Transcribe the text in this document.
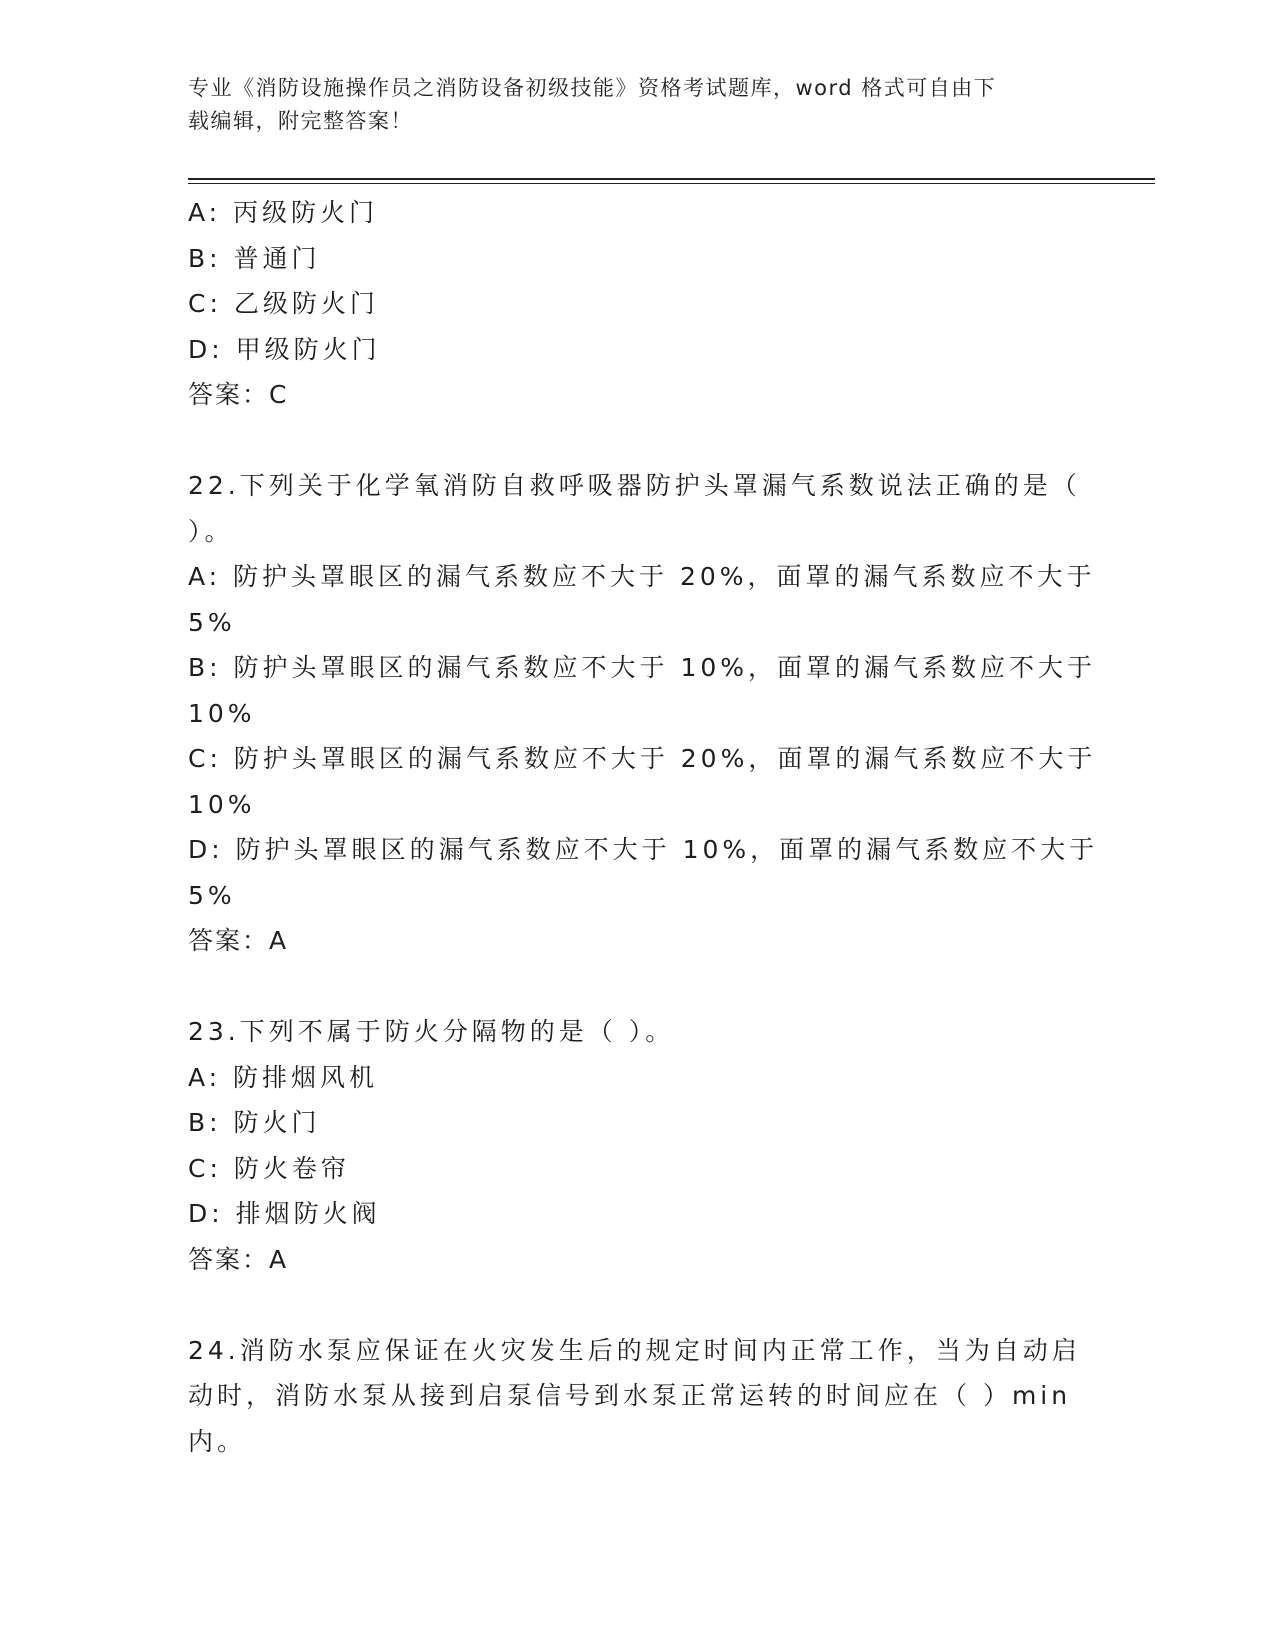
专业《消防设施操作员之消防设备初级技能》资格考试题库，word 格式可自由下
载编辑，附完整答案！
A: 丙级防火门
B: 普通门
C: 乙级防火门
D: 甲级防火门
答案：C
22.下列关于化学氧消防自救呼吸器防护头罩漏气系数说法正确的是（
）。
A: 防护头罩眼区的漏气系数应不大于 20%，面罩的漏气系数应不大于
5%
B: 防护头罩眼区的漏气系数应不大于 10%，面罩的漏气系数应不大于
10%
C: 防护头罩眼区的漏气系数应不大于 20%，面罩的漏气系数应不大于
10%
D: 防护头罩眼区的漏气系数应不大于 10%，面罩的漏气系数应不大于
5%
答案：A
23.下列不属于防火分隔物的是（ ）。
A: 防排烟风机
B: 防火门
C: 防火卷帘
D: 排烟防火阀
答案：A
24.消防水泵应保证在火灾发生后的规定时间内正常工作，当为自动启
动时，消防水泵从接到启泵信号到水泵正常运转的时间应在（ ）min
内。
